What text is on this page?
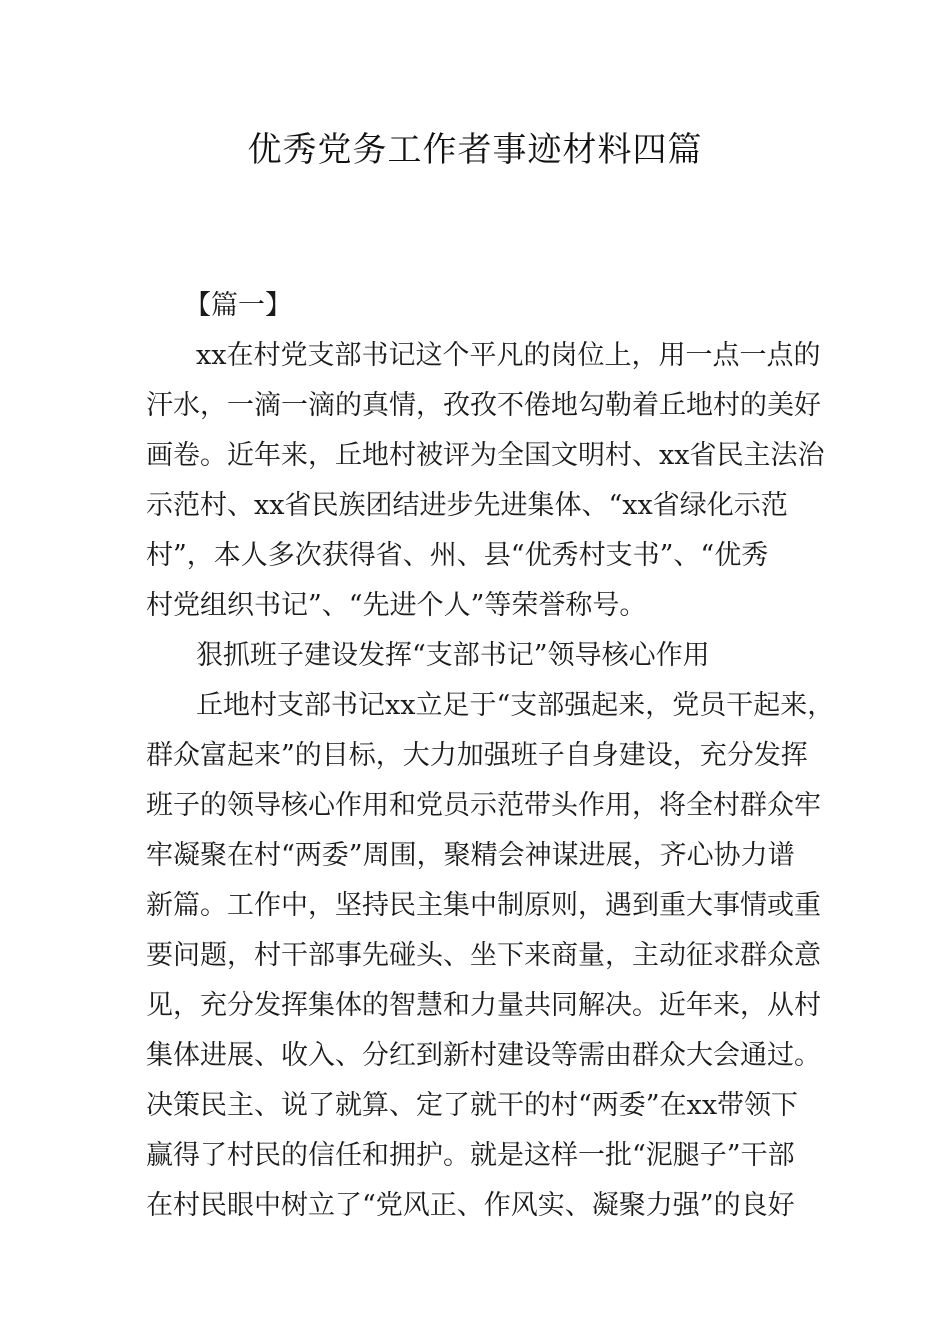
优秀党务工作者事迹材料四篇
【篇一】
xx在村党支部书记这个平凡的岗位上，用一点一点的
汗水，一滴一滴的真情，孜孜不倦地勾勒着丘地村的美好
画卷。近年来，丘地村被评为全国文明村、xx省民主法治
示范村、xx省民族团结进步先进集体、“xx省绿化示范
村”，本人多次获得省、州、县“优秀村支书”、“优秀
村党组织书记”、“先进个人”等荣誉称号。
狠抓班子建设发挥“支部书记”领导核心作用
丘地村支部书记xx立足于“支部强起来，党员干起来，
群众富起来”的目标，大力加强班子自身建设，充分发挥
班子的领导核心作用和党员示范带头作用，将全村群众牢
牢凝聚在村“两委”周围，聚精会神谋进展，齐心协力谱
新篇。工作中，坚持民主集中制原则，遇到重大事情或重
要问题，村干部事先碰头、坐下来商量，主动征求群众意
见，充分发挥集体的智慧和力量共同解决。近年来，从村
集体进展、收入、分红到新村建设等需由群众大会通过。
决策民主、说了就算、定了就干的村“两委”在xx带领下
赢得了村民的信任和拥护。就是这样一批“泥腿子”干部
在村民眼中树立了“党风正、作风实、凝聚力强”的良好
